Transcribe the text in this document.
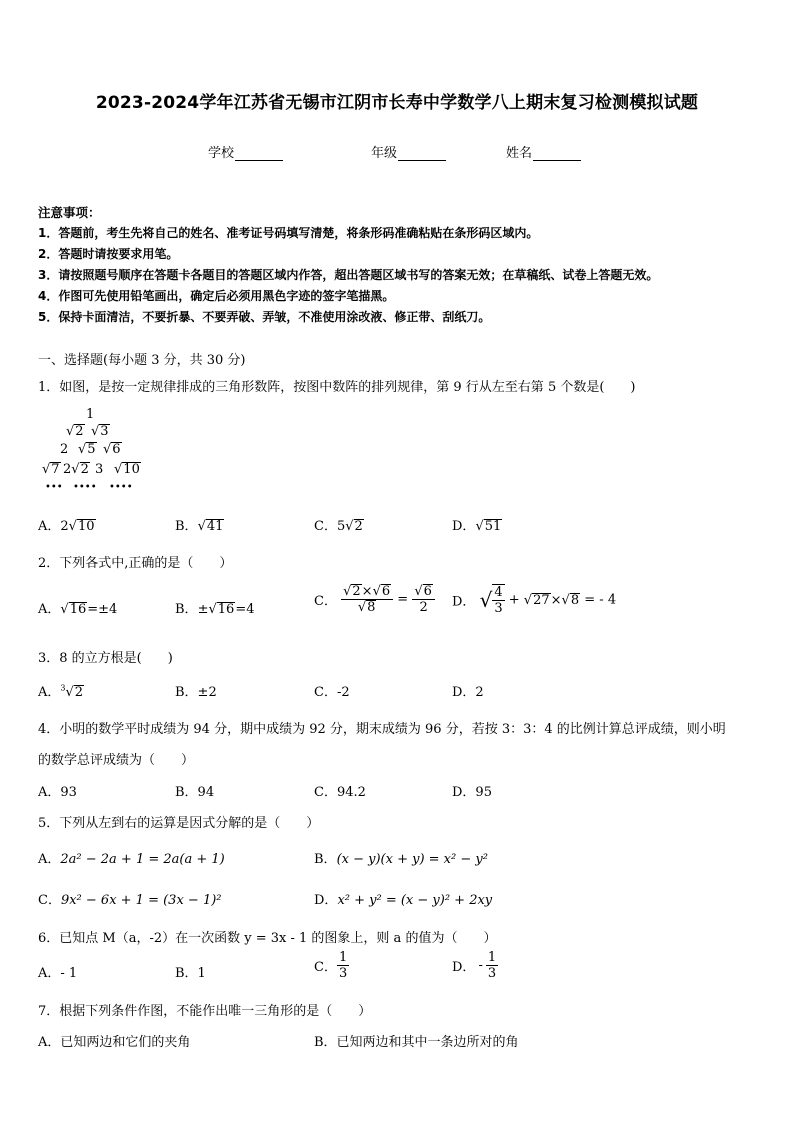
2023-2024学年江苏省无锡市江阴市长寿中学数学八上期末复习检测模拟试题
学校	年级	姓名
注意事项：
1．答题前，考生先将自己的姓名、准考证号码填写清楚，将条形码准确粘贴在条形码区域内。
2．答题时请按要求用笔。
3．请按照题号顺序在答题卡各题目的答题区域内作答，超出答题区域书写的答案无效；在草稿纸、试卷上答题无效。
4．作图可先使用铅笔画出，确定后必须用黑色字迹的签字笔描黑。
5．保持卡面清洁，不要折暴、不要弄破、弄皱，不准使用涂改液、修正带、刮纸刀。
一、选择题(每小题 3 分，共 30 分)
1．如图，是按一定规律排成的三角形数阵，按图中数阵的排列规律，第 9 行从左至右第 5 个数是(　　)
1
√2 √3
2 √5 √6
√7 2√2 3 √10
••• •••• ••••
A．2√10	B．√41	C．5√2	D．√51
2．下列各式中,正确的是（　　）
A．√16=±4	B．±√16=4
C． $\frac{√2\times√6}{√8} = \frac{√6}{2}$ D． √ $\frac{4}{3} + √27\times√8$ = - 4
3．8 的立方根是(　　)
A．$^3$√2	B．±2	C．-2	D．2
4．小明的数学平时成绩为 94 分，期中成绩为 92 分，期末成绩为 96 分，若按 3：3：4 的比例计算总评成绩，则小明
的数学总评成绩为（　　）
A．93	B．94	C．94.2	D．95
5．下列从左到右的运算是因式分解的是（　　）
A．2a² − 2a + 1 = 2a(a + 1)	B．(x − y)(x + y) = x² − y²
C．9x² − 6x + 1 = (3x − 1)²	D．x² + y² = (x − y)² + 2xy
6．已知点 M（a，-2）在一次函数 y = 3x - 1 的图象上，则 a 的值为（　　）
A．- 1	B．1	C． $\frac{1}{3}$	D． - $\frac{1}{3}$
7．根据下列条件作图，不能作出唯一三角形的是（　　）
A．已知两边和它们的夹角	B．已知两边和其中一条边所对的角
